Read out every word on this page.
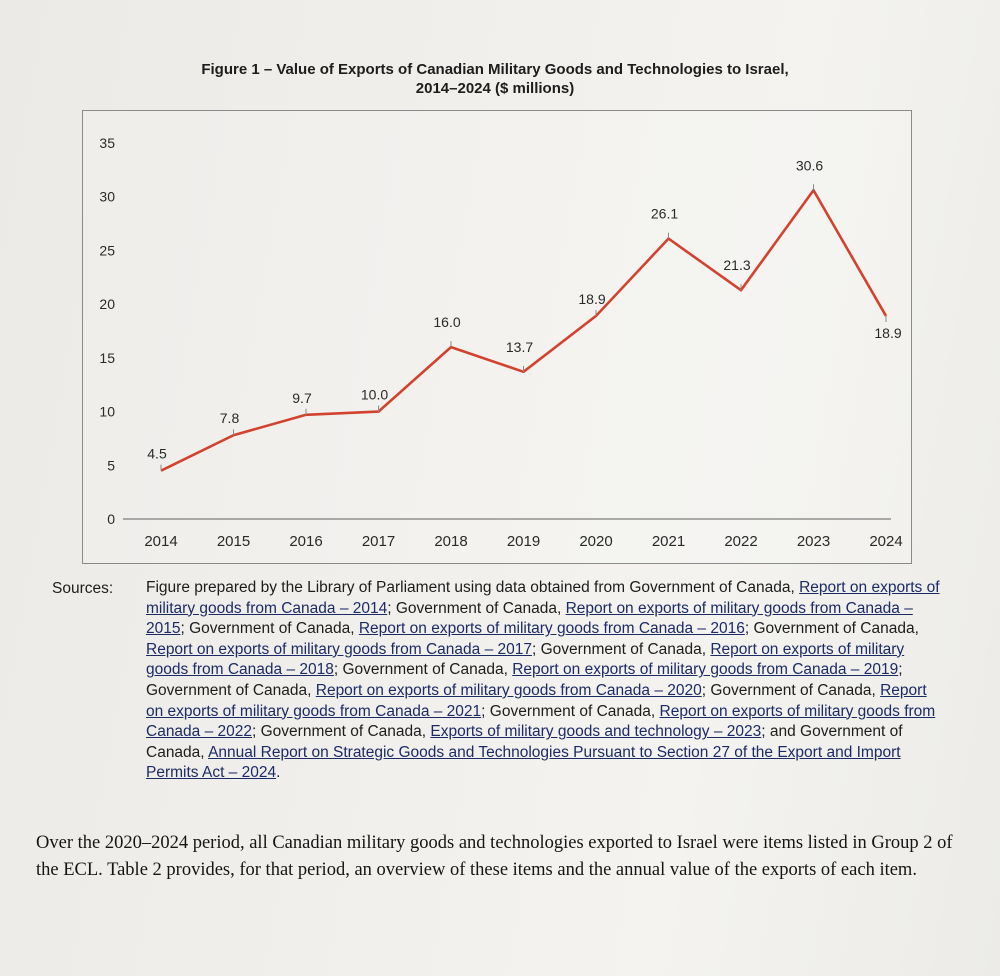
Figure 1 – Value of Exports of Canadian Military Goods and Technologies to Israel,
2014–2024 ($ millions)
0
5
10
15
20
25
30
35
2014	2015	2016	2017	2018	2019	2020	2021	2022	2023	2024
4.5
7.8
9.7	10.0
16.0
13.7
18.9
26.1
21.3
30.6
18.9
Sources: Figure prepared by the Library of Parliament using data obtained from Government of Canada, Report on exports of military goods from Canada – 2014; Government of Canada, Report on exports of military goods from Canada – 2015; Government of Canada, Report on exports of military goods from Canada – 2016; Government of Canada, Report on exports of military goods from Canada – 2017; Government of Canada, Report on exports of military goods from Canada – 2018; Government of Canada, Report on exports of military goods from Canada – 2019; Government of Canada, Report on exports of military goods from Canada – 2020; Government of Canada, Report on exports of military goods from Canada – 2021; Government of Canada, Report on exports of military goods from Canada – 2022; Government of Canada, Exports of military goods and technology – 2023; and Government of Canada, Annual Report on Strategic Goods and Technologies Pursuant to Section 27 of the Export and Import Permits Act – 2024.
Over the 2020–2024 period, all Canadian military goods and technologies exported to Israel were items listed in Group 2 of the ECL. Table 2 provides, for that period, an overview of these items and the annual value of the exports of each item.
